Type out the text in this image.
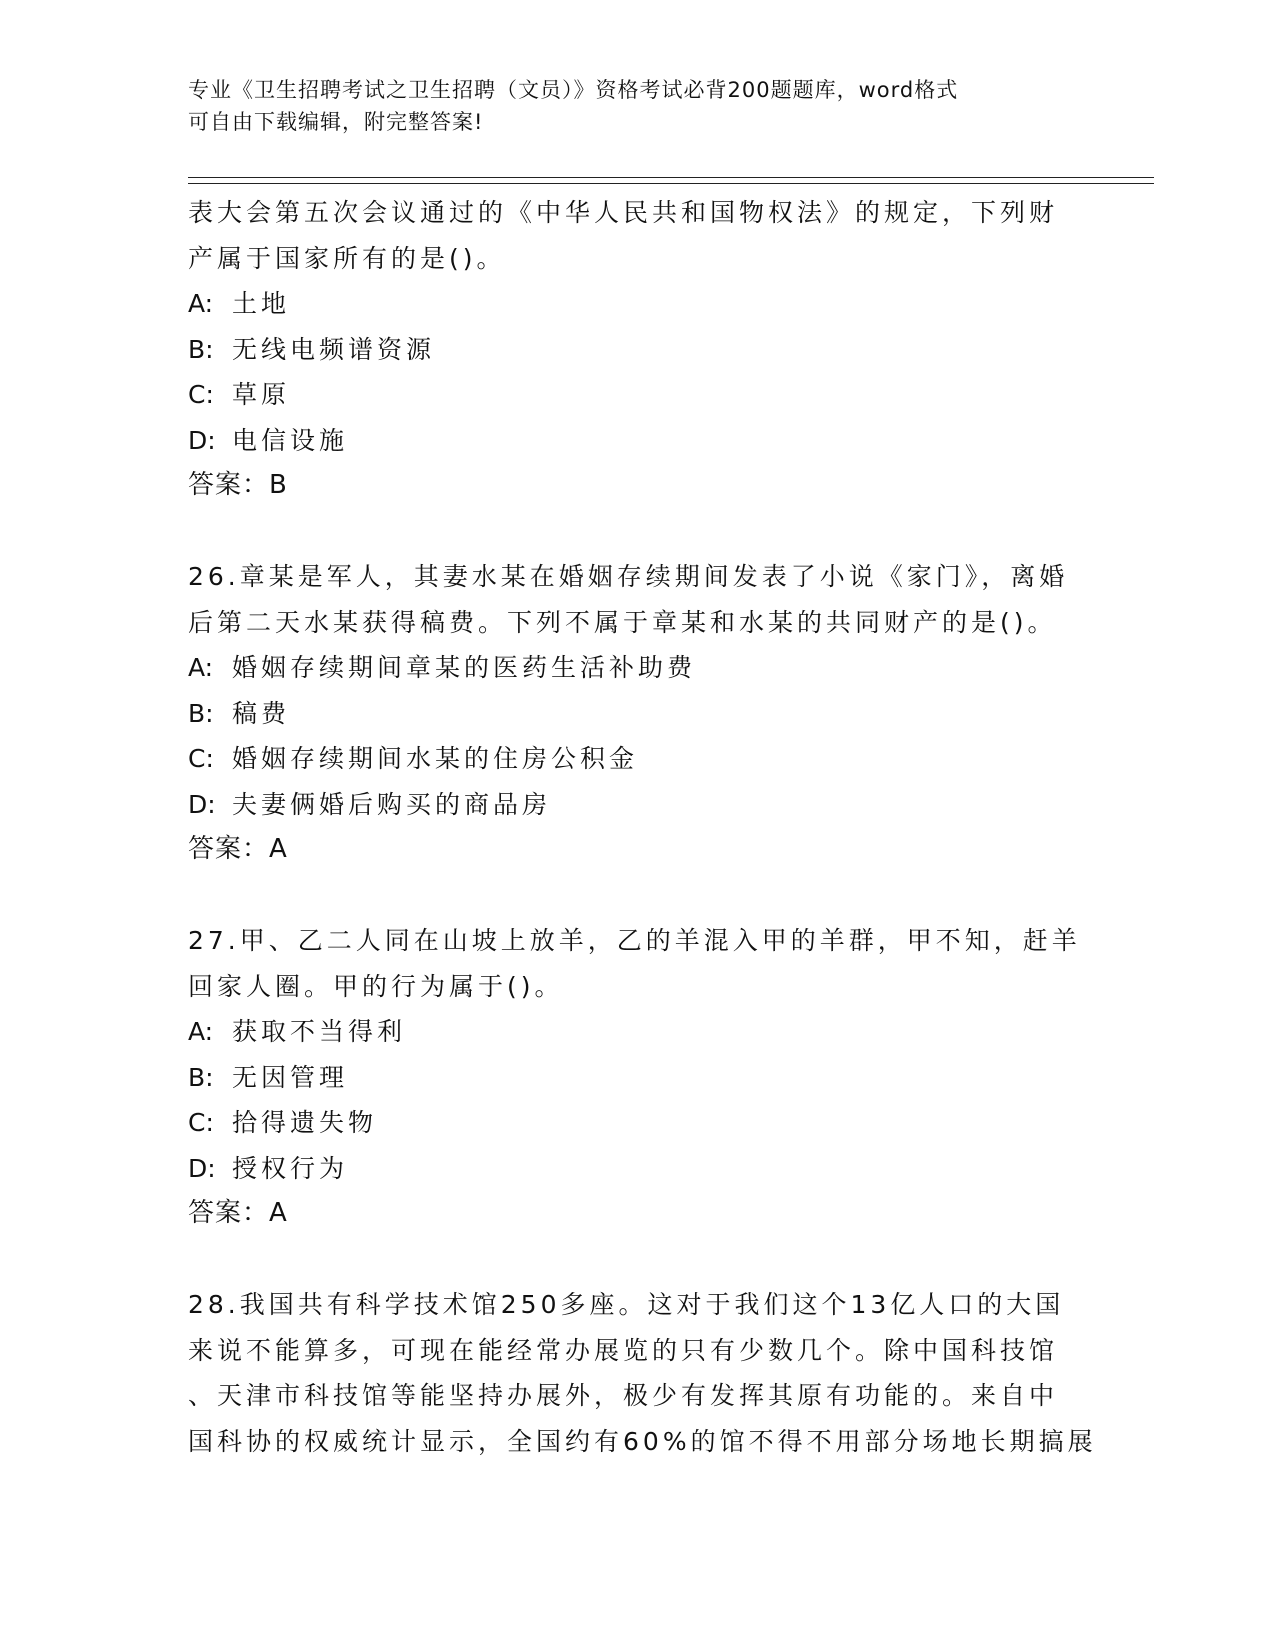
专业《卫生招聘考试之卫生招聘（文员）》资格考试必背200题题库，word格式
可自由下载编辑，附完整答案!
表大会第五次会议通过的《中华人民共和国物权法》的规定，下列财
产属于国家所有的是()。
A: 土地
B: 无线电频谱资源
C: 草原
D: 电信设施
答案：B
26.章某是军人，其妻水某在婚姻存续期间发表了小说《家门》，离婚
后第二天水某获得稿费。下列不属于章某和水某的共同财产的是()。
A: 婚姻存续期间章某的医药生活补助费
B: 稿费
C: 婚姻存续期间水某的住房公积金
D: 夫妻俩婚后购买的商品房
答案：A
27.甲、乙二人同在山坡上放羊，乙的羊混入甲的羊群，甲不知，赶羊
回家人圈。甲的行为属于()。
A: 获取不当得利
B: 无因管理
C: 拾得遗失物
D: 授权行为
答案：A
28.我国共有科学技术馆250多座。这对于我们这个13亿人口的大国
来说不能算多，可现在能经常办展览的只有少数几个。除中国科技馆
、天津市科技馆等能坚持办展外，极少有发挥其原有功能的。来自中
国科协的权威统计显示，全国约有60%的馆不得不用部分场地长期搞展
